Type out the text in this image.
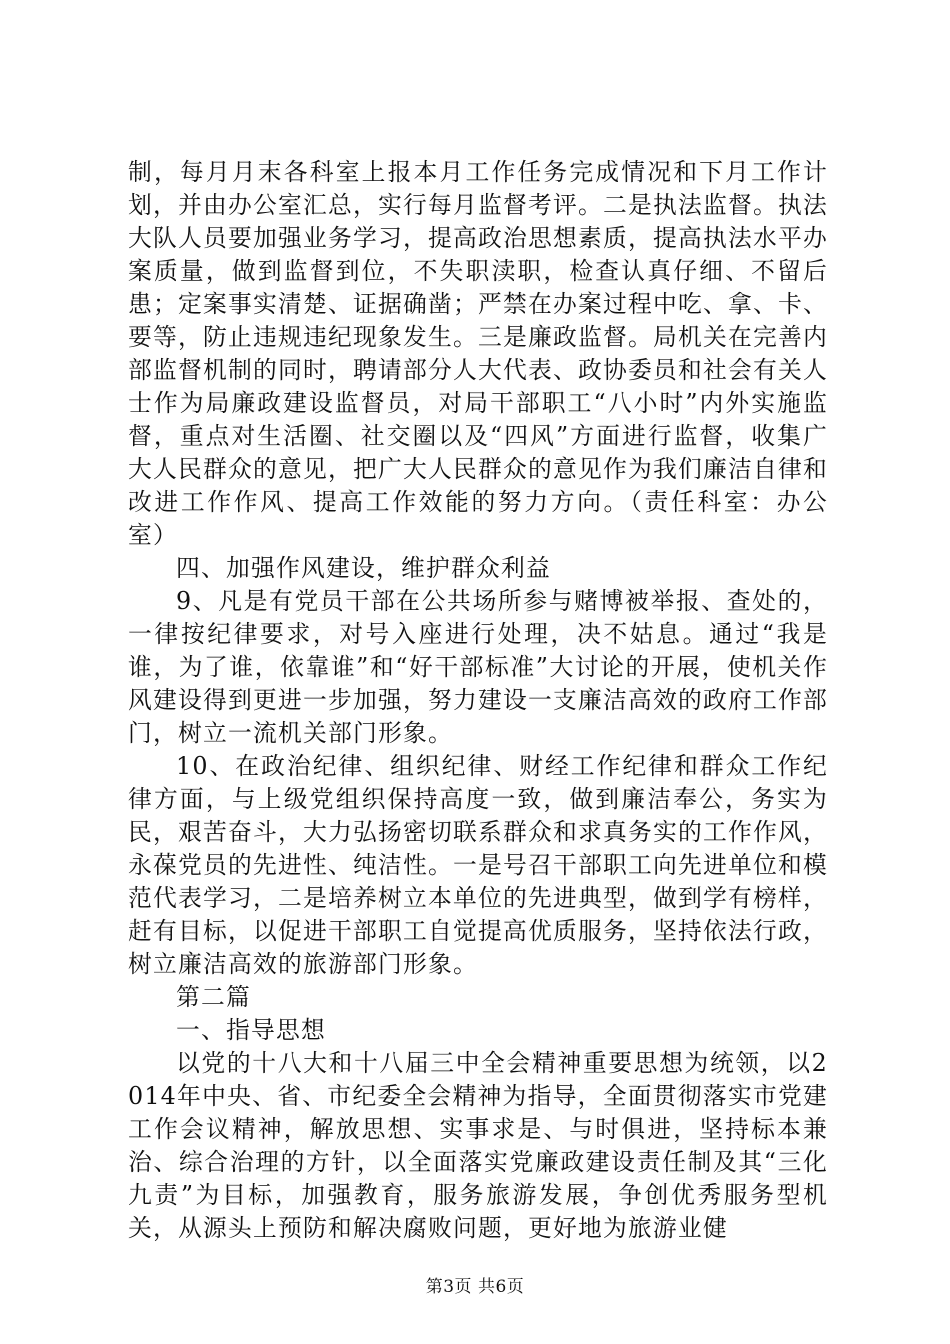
制，每月月末各科室上报本月工作任务完成情况和下月工作计划，并由办公室汇总，实行每月监督考评。二是执法监督。执法大队人员要加强业务学习，提高政治思想素质，提高执法水平办案质量，做到监督到位，不失职渎职，检查认真仔细、不留后患；定案事实清楚、证据确凿；严禁在办案过程中吃、拿、卡、要等，防止违规违纪现象发生。三是廉政监督。局机关在完善内部监督机制的同时，聘请部分人大代表、政协委员和社会有关人士作为局廉政建设监督员，对局干部职工“八小时”内外实施监督，重点对生活圈、社交圈以及“四风”方面进行监督，收集广大人民群众的意见，把广大人民群众的意见作为我们廉洁自律和改进工作作风、提高工作效能的努力方向。（责任科室：办公室）

四、加强作风建设，维护群众利益

9、凡是有党员干部在公共场所参与赌博被举报、查处的，一律按纪律要求，对号入座进行处理，决不姑息。通过“我是谁，为了谁，依靠谁”和“好干部标准”大讨论的开展，使机关作风建设得到更进一步加强，努力建设一支廉洁高效的政府工作部门，树立一流机关部门形象。

10、在政治纪律、组织纪律、财经工作纪律和群众工作纪律方面，与上级党组织保持高度一致，做到廉洁奉公，务实为民，艰苦奋斗，大力弘扬密切联系群众和求真务实的工作作风，永葆党员的先进性、纯洁性。一是号召干部职工向先进单位和模范代表学习，二是培养树立本单位的先进典型，做到学有榜样，赶有目标，以促进干部职工自觉提高优质服务，坚持依法行政，树立廉洁高效的旅游部门形象。

第二篇

一、指导思想

以党的十八大和十八届三中全会精神重要思想为统领，以2014年中央、省、市纪委全会精神为指导，全面贯彻落实市党建工作会议精神，解放思想、实事求是、与时俱进，坚持标本兼治、综合治理的方针，以全面落实党廉政建设责任制及其“三化九责”为目标，加强教育，服务旅游发展，争创优秀服务型机关，从源头上预防和解决腐败问题，更好地为旅游业健

第3页 共6页
